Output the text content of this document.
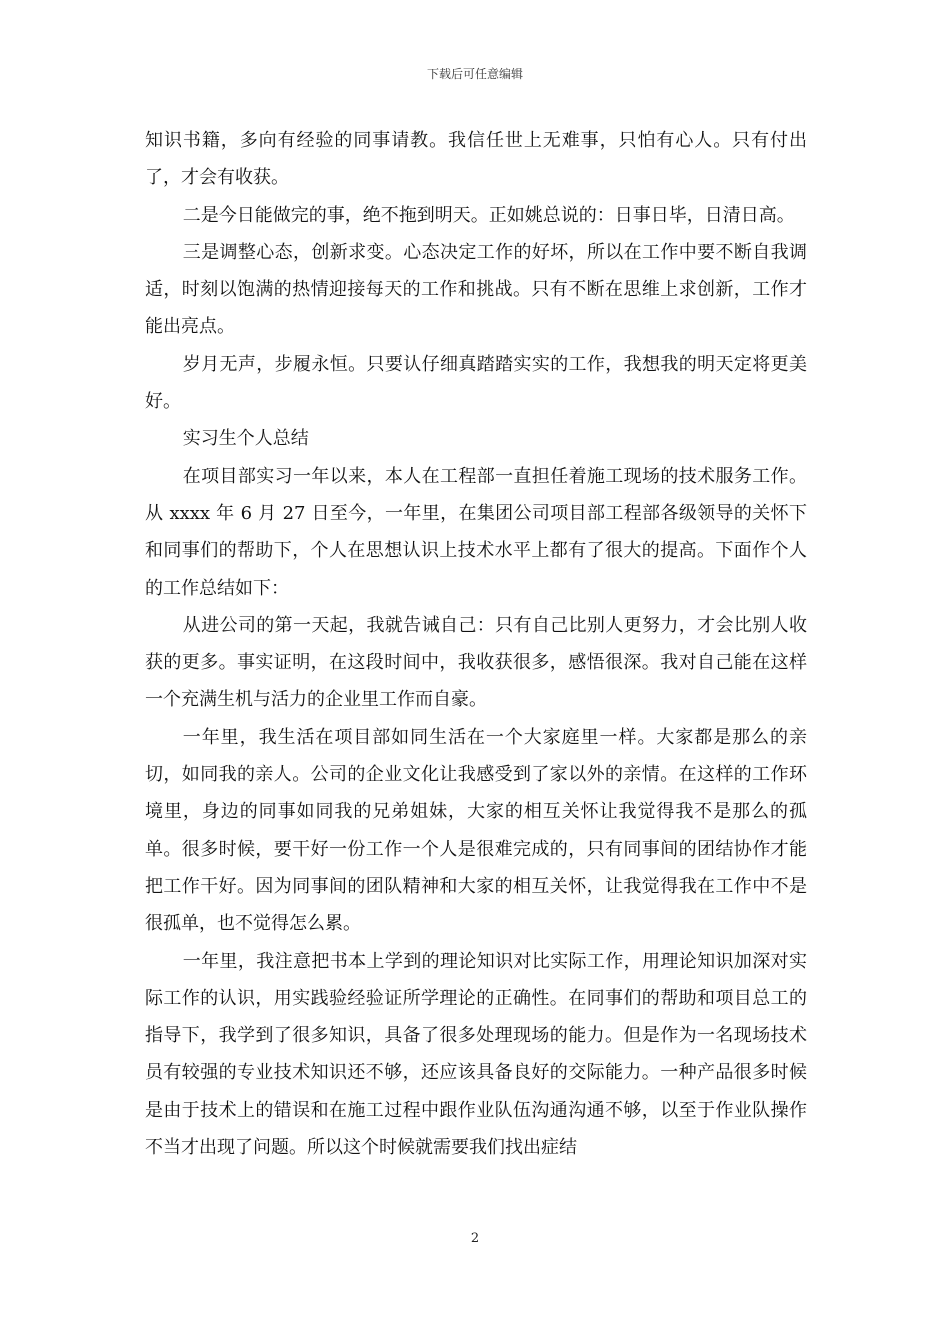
下载后可任意编辑

知识书籍，多向有经验的同事请教。我信任世上无难事，只怕有心人。只有付出了，才会有收获。

二是今日能做完的事，绝不拖到明天。正如姚总说的：日事日毕，日清日高。

三是调整心态，创新求变。心态决定工作的好坏，所以在工作中要不断自我调适，时刻以饱满的热情迎接每天的工作和挑战。只有不断在思维上求创新，工作才能出亮点。

岁月无声，步履永恒。只要认仔细真踏踏实实的工作，我想我的明天定将更美好。

实习生个人总结

在项目部实习一年以来，本人在工程部一直担任着施工现场的技术服务工作。从 xxxx 年 6 月 27 日至今，一年里，在集团公司项目部工程部各级领导的关怀下和同事们的帮助下，个人在思想认识上技术水平上都有了很大的提高。下面作个人的工作总结如下：

从进公司的第一天起，我就告诫自己：只有自己比别人更努力，才会比别人收获的更多。事实证明，在这段时间中，我收获很多，感悟很深。我对自己能在这样一个充满生机与活力的企业里工作而自豪。

一年里，我生活在项目部如同生活在一个大家庭里一样。大家都是那么的亲切，如同我的亲人。公司的企业文化让我感受到了家以外的亲情。在这样的工作环境里，身边的同事如同我的兄弟姐妹，大家的相互关怀让我觉得我不是那么的孤单。很多时候，要干好一份工作一个人是很难完成的，只有同事间的团结协作才能把工作干好。因为同事间的团队精神和大家的相互关怀，让我觉得我在工作中不是很孤单，也不觉得怎么累。

一年里，我注意把书本上学到的理论知识对比实际工作，用理论知识加深对实际工作的认识，用实践验经验证所学理论的正确性。在同事们的帮助和项目总工的指导下，我学到了很多知识，具备了很多处理现场的能力。但是作为一名现场技术员有较强的专业技术知识还不够，还应该具备良好的交际能力。一种产品很多时候是由于技术上的错误和在施工过程中跟作业队伍沟通沟通不够，以至于作业队操作不当才出现了问题。所以这个时候就需要我们找出症结

2
